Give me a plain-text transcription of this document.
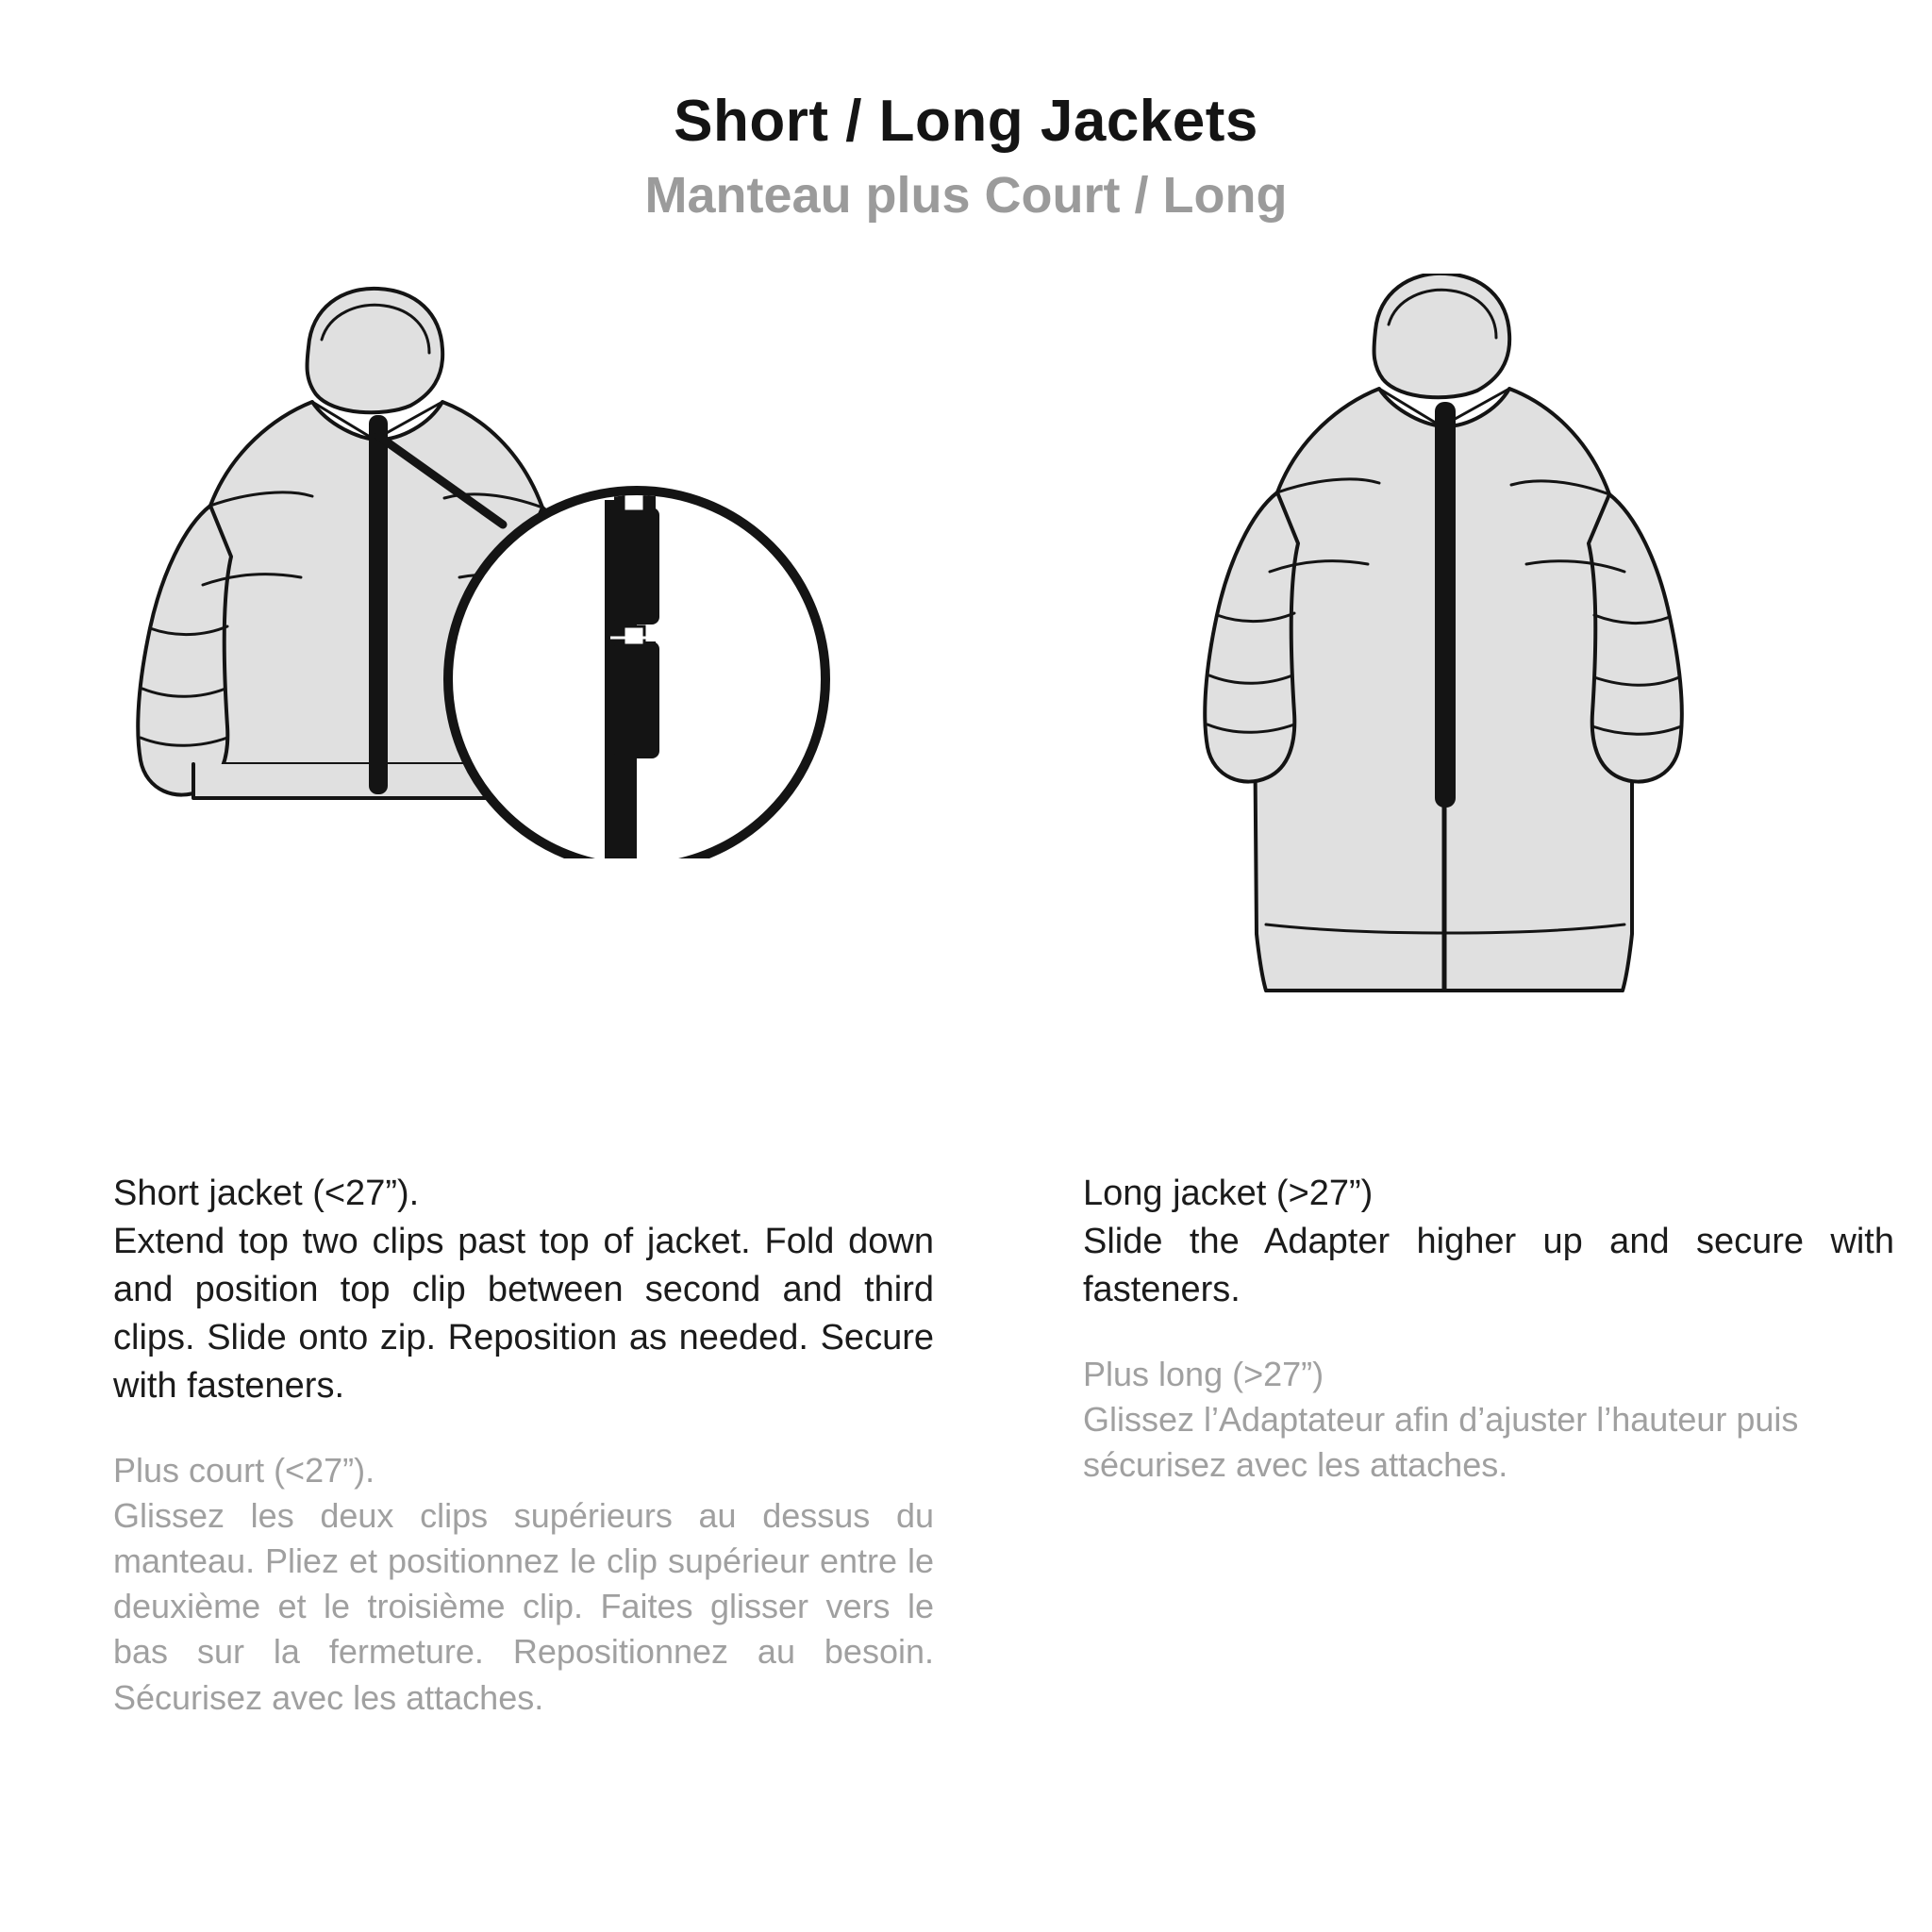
Short / Long Jackets
Manteau plus Court / Long

Short jacket (<27”).

Extend top two clips past top of jacket. Fold down and position top clip between second and third clips. Slide onto zip. Reposition as needed. Secure with fasteners.

Plus court (<27”).

Glissez les deux clips supérieurs au dessus du manteau. Pliez et positionnez le clip supérieur entre le deuxième et le troisième clip. Faites glisser vers le bas sur la fermeture. Repositionnez au besoin. Sécurisez avec les attaches.

Long jacket (>27”)

Slide the Adapter higher up and secure with fasteners.

Plus long (>27”)

Glissez l’Adaptateur afin d’ajuster l’hauteur puis sécurisez avec les attaches.
